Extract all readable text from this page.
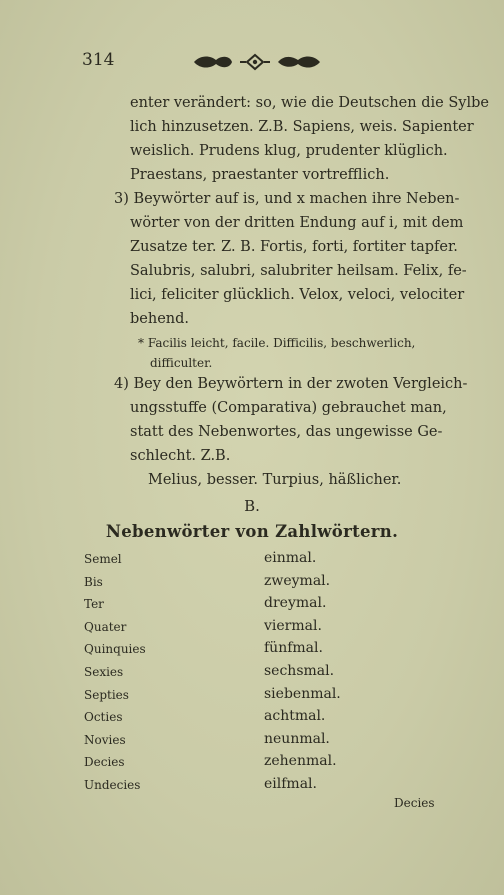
314
enter verändert: so, wie die Deutschen die Sylbe
lich hinzusetzen. Z.B. Sapiens, weis. Sapienter
weislich. Prudens klug, prudenter klüglich.
Praestans, praestanter vortrefflich.
3) Beywörter auf is, und x machen ihre Neben-
wörter von der dritten Endung auf i, mit dem
Zusatze ter. Z. B. Fortis, forti, fortiter tapfer.
Salubris, salubri, salubriter heilsam. Felix, fe-
lici, feliciter glücklich. Velox, veloci, velociter
behend.
* Facilis leicht, facile. Difficilis, beschwerlich,
difficulter.
4) Bey den Beywörtern in der zwoten Vergleich-
ungsstuffe (Comparativa) gebrauchet man,
statt des Nebenwortes, das ungewisse Ge-
schlecht. Z.B.
Melius, besser. Turpius, häßlicher.
B.
Nebenwörter von Zahlwörtern.
Semel	einmal.
Bis	zweymal.
Ter	dreymal.
Quater	viermal.
Quinquies	fünfmal.
Sexies	sechsmal.
Septies	siebenmal.
Octies	achtmal.
Novies	neunmal.
Decies	zehenmal.
Undecies	eilfmal.
Decies
